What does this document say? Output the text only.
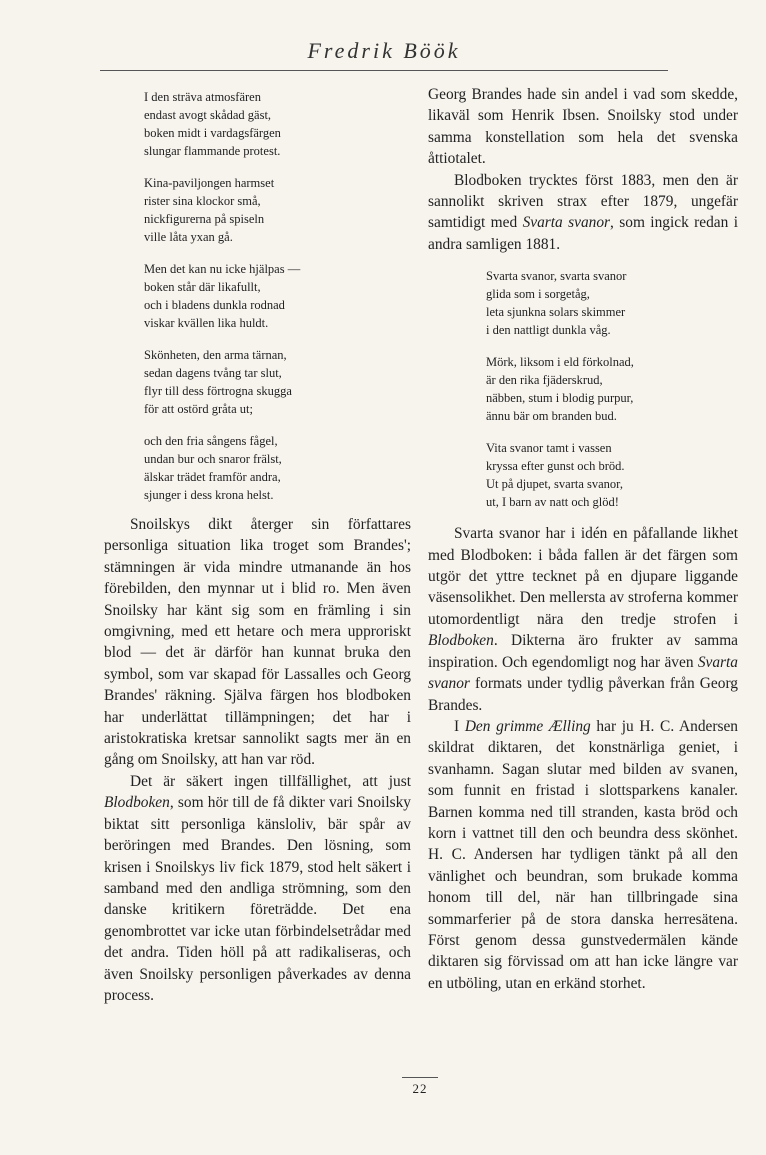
Fredrik Böök
I den sträva atmosfären
endast avogt skådad gäst,
boken midt i vardagsfärgen
slungar flammande protest.
Kina-paviljongen harmset
rister sina klockor små,
nickfigurerna på spiseln
ville låta yxan gå.
Men det kan nu icke hjälpas —
boken står där likafullt,
och i bladens dunkla rodnad
viskar kvällen lika huldt.
Skönheten, den arma tärnan,
sedan dagens tvång tar slut,
flyr till dess förtrogna skugga
för att ostörd gråta ut;
och den fria sångens fågel,
undan bur och snaror frälst,
älskar trädet framför andra,
sjunger i dess krona helst.

Snoilskys dikt återger sin författares personliga situation lika troget som Brandes'; stämningen är vida mindre utmanande än hos förebilden, den mynnar ut i blid ro. Men även Snoilsky har känt sig som en främling i sin omgivning, med ett hetare och mera upproriskt blod — det är därför han kunnat bruka den symbol, som var skapad för Lassalles och Georg Brandes' räkning. Själva färgen hos blodboken har underlättat tillämpningen; det har i aristokratiska kretsar sannolikt sagts mer än en gång om Snoilsky, att han var röd.

Det är säkert ingen tillfällighet, att just Blodboken, som hör till de få dikter vari Snoilsky biktat sitt personliga känsloliv, bär spår av beröringen med Brandes. Den lösning, som krisen i Snoilskys liv fick 1879, stod helt säkert i samband med den andliga strömning, som den danske kritikern företrädde. Det ena genombrottet var icke utan förbindelsetrådar med det andra. Tiden höll på att radikaliseras, och även Snoilsky personligen påverkades av denna process.

Georg Brandes hade sin andel i vad som skedde, likaväl som Henrik Ibsen. Snoilsky stod under samma konstellation som hela det svenska åttiotalet.

Blodboken trycktes först 1883, men den är sannolikt skriven strax efter 1879, ungefär samtidigt med Svarta svanor, som ingick redan i andra samligen 1881.

Svarta svanor, svarta svanor
glida som i sorgetåg,
leta sjunkna solars skimmer
i den nattligt dunkla våg.
Mörk, liksom i eld förkolnad,
är den rika fjäderskrud,
näbben, stum i blodig purpur,
ännu bär om branden bud.
Vita svanor tamt i vassen
kryssa efter gunst och bröd.
Ut på djupet, svarta svanor,
ut, I barn av natt och glöd!

Svarta svanor har i idén en påfallande likhet med Blodboken: i båda fallen är det färgen som utgör det yttre tecknet på en djupare liggande väsensolikhet. Den mellersta av stroferna kommer utomordentligt nära den tredje strofen i Blodboken. Dikterna äro frukter av samma inspiration. Och egendomligt nog har även Svarta svanor formats under tydlig påverkan från Georg Brandes.

I Den grimme Ælling har ju H. C. Andersen skildrat diktaren, det konstnärliga geniet, i svanhamn. Sagan slutar med bilden av svanen, som funnit en fristad i slottsparkens kanaler. Barnen komma ned till stranden, kasta bröd och korn i vattnet till den och beundra dess skönhet. H. C. Andersen har tydligen tänkt på all den vänlighet och beundran, som brukade komma honom till del, när han tillbringade sina sommarferier på de stora danska herresätena. Först genom dessa gunstvedermälen kände diktaren sig förvissad om att han icke längre var en utböling, utan en erkänd storhet.

22
